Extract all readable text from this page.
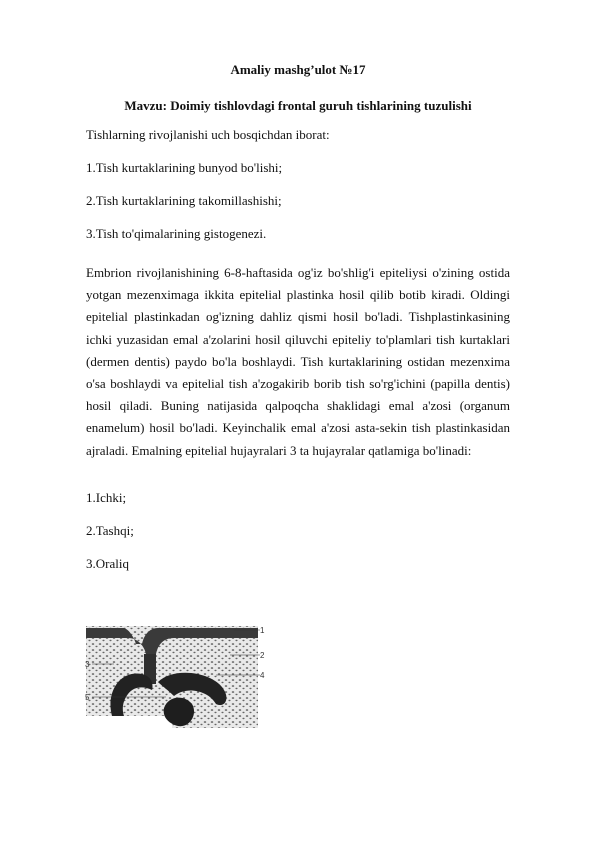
Amaliy mashg’ulot №17
Mavzu: Doimiy tishlovdagi frontal guruh tishlarining tuzulishi
Tishlarning rivojlanishi uch bosqichdan iborat:
1.Tish kurtaklarining bunyod bo'lishi;
2.Tish kurtaklarining takomillashishi;
3.Tish to'qimalarining gistogenezi.
Embrion rivojlanishining 6-8-haftasida og'iz bo'shlig'i epiteliysi o'zining ostida yotgan mezenximaga ikkita epitelial plastinka hosil qilib botib kiradi. Oldingi epitelial plastinkadan og'izning dahliz qismi hosil bo'ladi. Tishplastinkasining ichki yuzasidan emal a'zolarini hosil qiluvchi epiteliy to'plamlari tish kurtaklari (dermen dentis) paydo bo'la boshlaydi. Tish kurtaklarining ostidan mezenxima o'sa boshlaydi va epitelial tish a'zogakirib borib tish so'rg'ichini (papilla dentis) hosil qiladi. Buning natijasida qalpoqcha shaklidagi emal a'zosi (organum enamelum) hosil bo'ladi. Keyinchalik emal a'zosi asta-sekin tish plastinkasidan ajraladi. Emalning epitelial hujayralari 3 ta hujayralar qatlamiga bo'linadi:
1.Ichki;
2.Tashqi;
3.Oraliq
1
2
3
4
5
